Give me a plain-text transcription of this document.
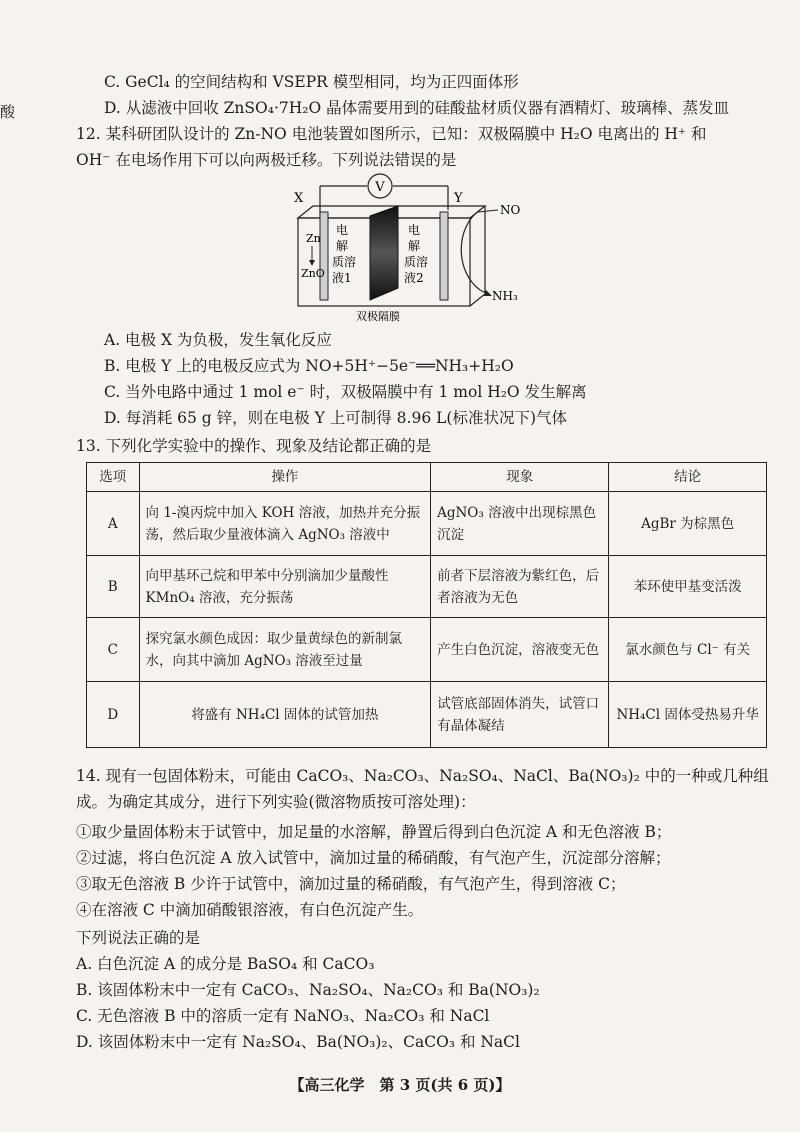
酸
C. GeCl₄ 的空间结构和 VSEPR 模型相同，均为正四面体形
D. 从滤液中回收 ZnSO₄·7H₂O 晶体需要用到的硅酸盐材质仪器有酒精灯、玻璃棒、蒸发皿
12. 某科研团队设计的 Zn-NO 电池装置如图所示，已知：双极隔膜中 H₂O 电离出的 H⁺ 和
OH⁻ 在电场作用下可以向两极迁移。下列说法错误的是
V
X	Y
Zn
ZnO
电
解
质溶
液1
电
解
质溶
液2
NO
NH₃
双极隔膜
A. 电极 X 为负极，发生氧化反应
B. 电极 Y 上的电极反应式为 NO+5H⁺−5e⁻══NH₃+H₂O
C. 当外电路中通过 1 mol e⁻ 时，双极隔膜中有 1 mol H₂O 发生解离
D. 每消耗 65 g 锌，则在电极 Y 上可制得 8.96 L(标准状况下)气体
13. 下列化学实验中的操作、现象及结论都正确的是
选项	操作	现象	结论
A	向 1-溴丙烷中加入 KOH 溶液，加热并充分振荡，然后取少量液体滴入 AgNO₃ 溶液中	AgNO₃ 溶液中出现棕黑色沉淀	AgBr 为棕黑色
B	向甲基环己烷和甲苯中分别滴加少量酸性 KMnO₄ 溶液，充分振荡	前者下层溶液为紫红色，后者溶液为无色	苯环使甲基变活泼
C	探究氯水颜色成因：取少量黄绿色的新制氯水，向其中滴加 AgNO₃ 溶液至过量	产生白色沉淀，溶液变无色	氯水颜色与 Cl⁻ 有关
D	将盛有 NH₄Cl 固体的试管加热	试管底部固体消失，试管口有晶体凝结	NH₄Cl 固体受热易升华
14. 现有一包固体粉末，可能由 CaCO₃、Na₂CO₃、Na₂SO₄、NaCl、Ba(NO₃)₂ 中的一种或几种组
成。为确定其成分，进行下列实验(微溶物质按可溶处理)：
①取少量固体粉末于试管中，加足量的水溶解，静置后得到白色沉淀 A 和无色溶液 B；
②过滤，将白色沉淀 A 放入试管中，滴加过量的稀硝酸，有气泡产生，沉淀部分溶解；
③取无色溶液 B 少许于试管中，滴加过量的稀硝酸，有气泡产生，得到溶液 C；
④在溶液 C 中滴加硝酸银溶液，有白色沉淀产生。
下列说法正确的是
A. 白色沉淀 A 的成分是 BaSO₄ 和 CaCO₃
B. 该固体粉末中一定有 CaCO₃、Na₂SO₄、Na₂CO₃ 和 Ba(NO₃)₂
C. 无色溶液 B 中的溶质一定有 NaNO₃、Na₂CO₃ 和 NaCl
D. 该固体粉末中一定有 Na₂SO₄、Ba(NO₃)₂、CaCO₃ 和 NaCl
【高三化学　第 3 页(共 6 页)】
